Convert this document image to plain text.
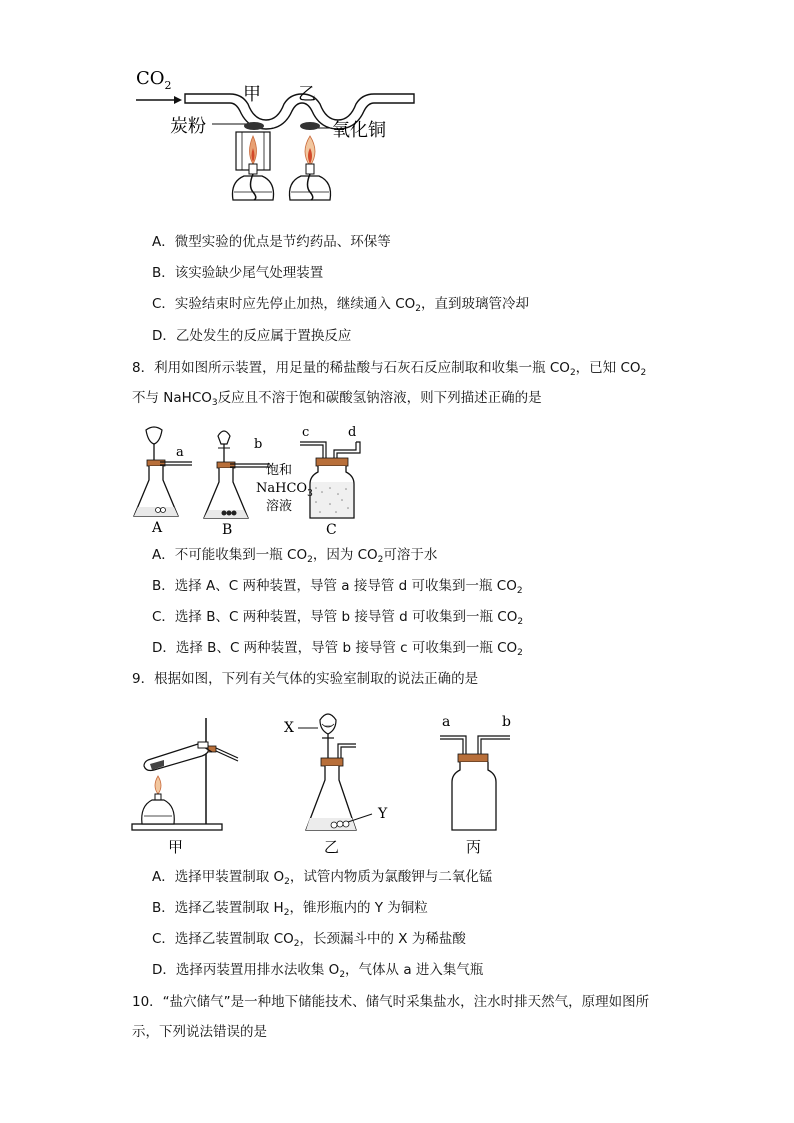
$CO_2$	甲 乙
炭粉	氧化铜
A．微型实验的优点是节约药品、环保等
B．该实验缺少尾气处理装置
C．实验结束时应先停止加热，继续通入 $CO_2$，直到玻璃管冷却
D．乙处发生的反应属于置换反应
8．利用如图所示装置，用足量的稀盐酸与石灰石反应制取和收集一瓶 $CO_2$，已知 $CO_2$
不与 NaHCO$_3$反应且不溶于饱和碳酸氢钠溶液，则下列描述正确的是
a
A
b
B
c	d
C
饱和
NaHCO$_3$
溶液
A．不可能收集到一瓶 $CO_2$，因为 $CO_2$可溶于水
B．选择 A、C 两种装置，导管 a 接导管 d 可收集到一瓶 $CO_2$
C．选择 B、C 两种装置，导管 b 接导管 d 可收集到一瓶 $CO_2$
D．选择 B、C 两种装置，导管 b 接导管 c 可收集到一瓶 $CO_2$
9．根据如图，下列有关气体的实验室制取的说法正确的是
甲
X
Y
乙
a	b
丙
A．选择甲装置制取 $O_2$，试管内物质为氯酸钾与二氧化锰
B．选择乙装置制取 $H_2$，锥形瓶内的 Y 为铜粒
C．选择乙装置制取 $CO_2$，长颈漏斗中的 X 为稀盐酸
D．选择丙装置用排水法收集 $O_2$，气体从 a 进入集气瓶
10．“盐穴储气”是一种地下储能技术、储气时采集盐水，注水时排天然气，原理如图所
示，下列说法错误的是
